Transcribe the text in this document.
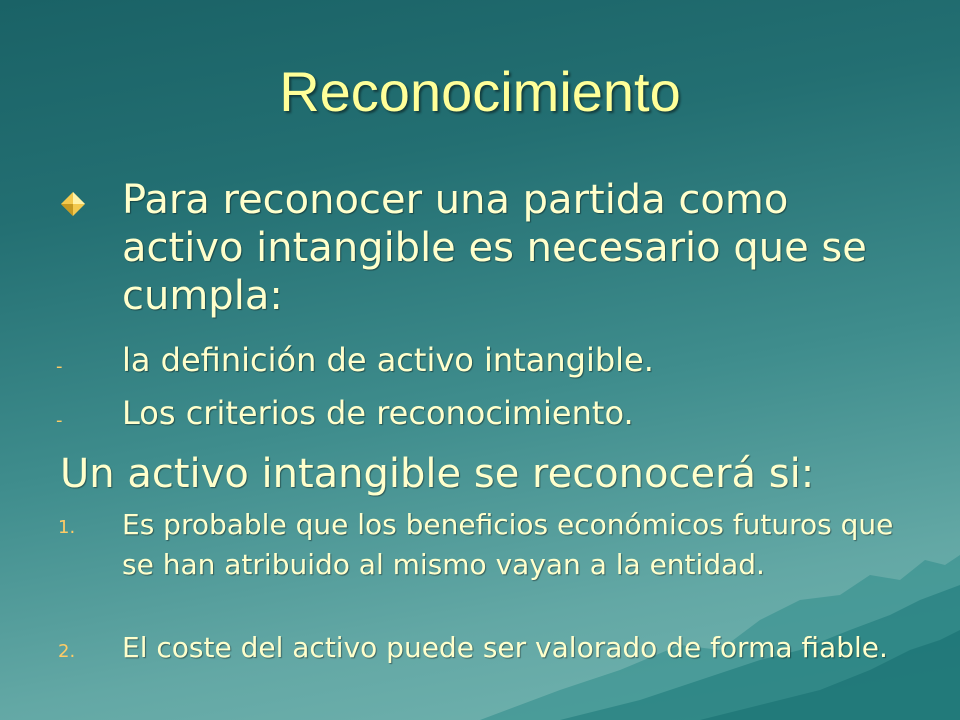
Reconocimiento
Para reconocer una partida como activo intangible es necesario que se cumpla:
- la definición de activo intangible.
- Los criterios de reconocimiento.
Un activo intangible se reconocerá si:
1. Es probable que los beneficios económicos futuros que se han atribuido al mismo vayan a la entidad.
2. El coste del activo puede ser valorado de forma fiable.
